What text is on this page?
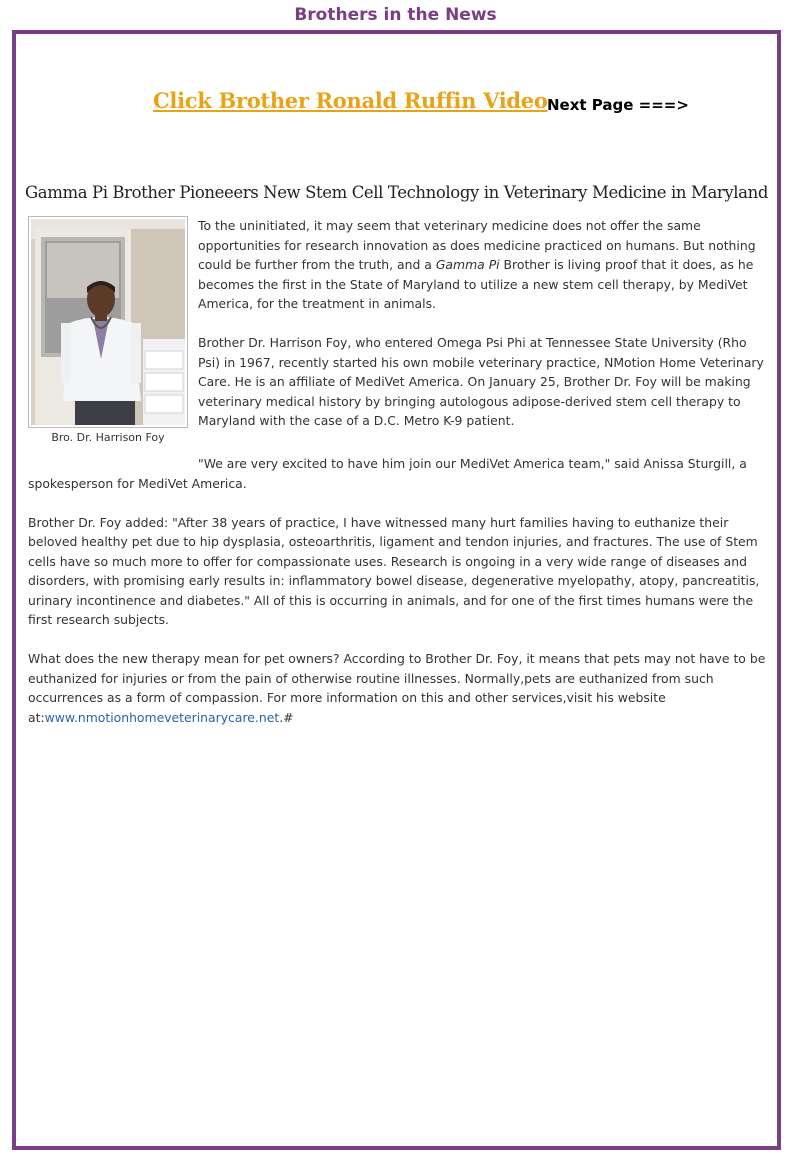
Brothers in the News
Click Brother Ronald Ruffin Video Next Page ===>
Gamma Pi Brother Pioneeers New Stem Cell Technology in Veterinary Medicine in Maryland
Bro. Dr. Harrison Foy

To the uninitiated, it may seem that veterinary medicine does not offer the same opportunities for research innovation as does medicine practiced on humans. But nothing could be further from the truth, and a Gamma Pi Brother is living proof that it does, as he becomes the first in the State of Maryland to utilize a new stem cell therapy, by MediVet America, for the treatment in animals.

Brother Dr. Harrison Foy, who entered Omega Psi Phi at Tennessee State University (Rho Psi) in 1967, recently started his own mobile veterinary practice, NMotion Home Veterinary Care. He is an affiliate of MediVet America. On January 25, Brother Dr. Foy will be making veterinary medical history by bringing autologous adipose-derived stem cell therapy to Maryland with the case of a D.C. Metro K-9 patient.

"We are very excited to have him join our MediVet America team," said Anissa Sturgill, a spokesperson for MediVet America.

Brother Dr. Foy added: "After 38 years of practice, I have witnessed many hurt families having to euthanize their beloved healthy pet due to hip dysplasia, osteoarthritis, ligament and tendon injuries, and fractures. The use of Stem cells have so much more to offer for compassionate uses. Research is ongoing in a very wide range of diseases and disorders, with promising early results in: inflammatory bowel disease, degenerative myelopathy, atopy, pancreatitis, urinary incontinence and diabetes." All of this is occurring in animals, and for one of the first times humans were the first research subjects.

What does the new therapy mean for pet owners? According to Brother Dr. Foy, it means that pets may not have to be euthanized for injuries or from the pain of otherwise routine illnesses. Normally,pets are euthanized from such occurrences as a form of compassion. For more information on this and other services,visit his website at:www.nmotionhomeveterinarycare.net.#
